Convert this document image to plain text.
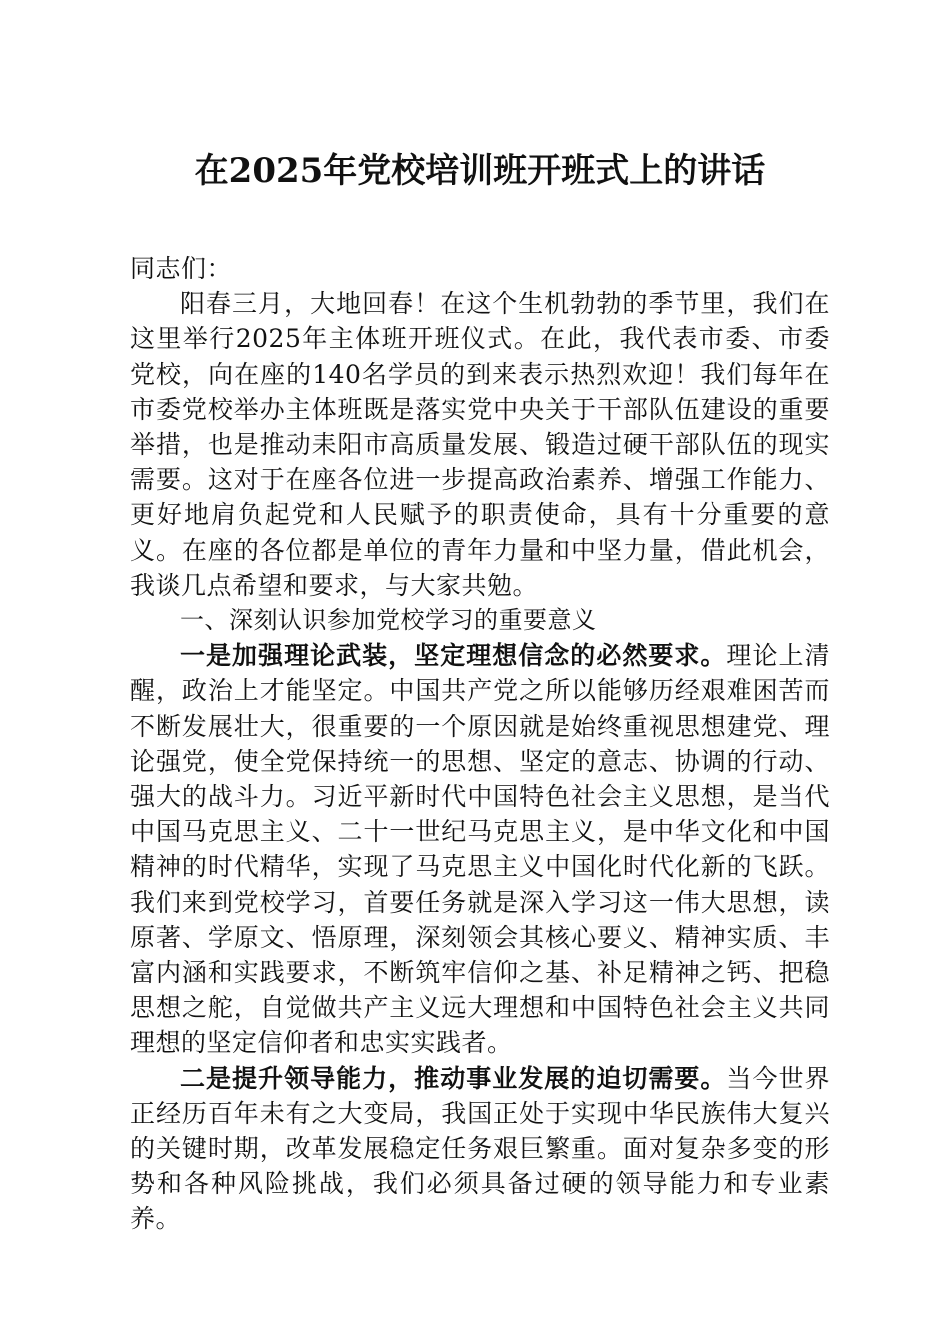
在2025年党校培训班开班式上的讲话

同志们：

阳春三月，大地回春！在这个生机勃勃的季节里，我们在这里举行2025年主体班开班仪式。在此，我代表市委、市委党校，向在座的140名学员的到来表示热烈欢迎！我们每年在市委党校举办主体班既是落实党中央关于干部队伍建设的重要举措，也是推动耒阳市高质量发展、锻造过硬干部队伍的现实需要。这对于在座各位进一步提高政治素养、增强工作能力、更好地肩负起党和人民赋予的职责使命，具有十分重要的意义。在座的各位都是单位的青年力量和中坚力量，借此机会，我谈几点希望和要求，与大家共勉。

一、深刻认识参加党校学习的重要意义

一是加强理论武装，坚定理想信念的必然要求。理论上清醒，政治上才能坚定。中国共产党之所以能够历经艰难困苦而不断发展壮大，很重要的一个原因就是始终重视思想建党、理论强党，使全党保持统一的思想、坚定的意志、协调的行动、强大的战斗力。习近平新时代中国特色社会主义思想，是当代中国马克思主义、二十一世纪马克思主义，是中华文化和中国精神的时代精华，实现了马克思主义中国化时代化新的飞跃。我们来到党校学习，首要任务就是深入学习这一伟大思想，读原著、学原文、悟原理，深刻领会其核心要义、精神实质、丰富内涵和实践要求，不断筑牢信仰之基、补足精神之钙、把稳思想之舵，自觉做共产主义远大理想和中国特色社会主义共同理想的坚定信仰者和忠实实践者。

二是提升领导能力，推动事业发展的迫切需要。当今世界正经历百年未有之大变局，我国正处于实现中华民族伟大复兴的关键时期，改革发展稳定任务艰巨繁重。面对复杂多变的形势和各种风险挑战，我们必须具备过硬的领导能力和专业素养。
